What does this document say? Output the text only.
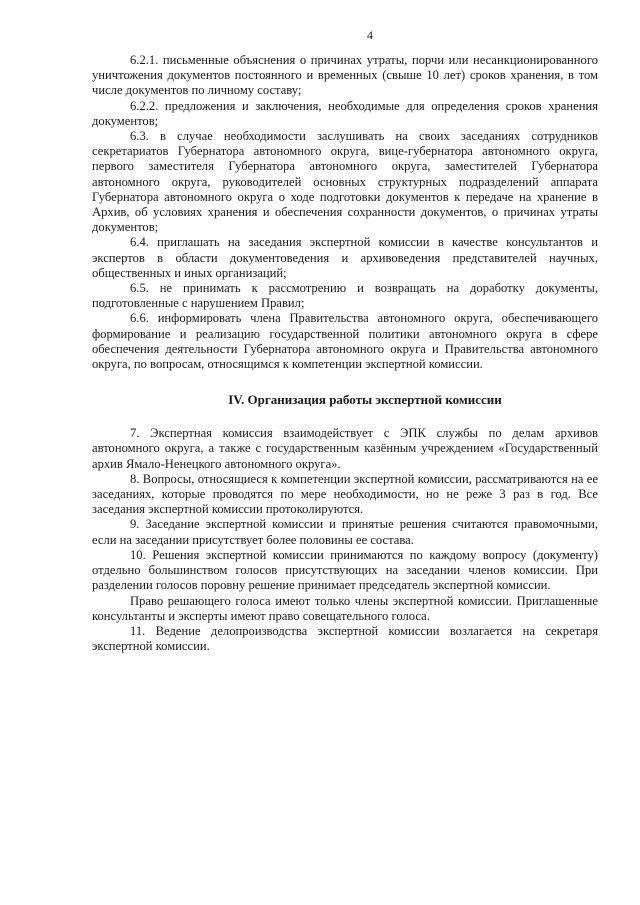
4

6.2.1. письменные объяснения о причинах утраты, порчи или несанкционированного уничтожения документов постоянного и временных (свыше 10 лет) сроков хранения, в том числе документов по личному составу;

6.2.2. предложения и заключения, необходимые для определения сроков хранения документов;

6.3. в случае необходимости заслушивать на своих заседаниях сотрудников секретариатов Губернатора автономного округа, вице-губернатора автономного округа, первого заместителя Губернатора автономного округа, заместителей Губернатора автономного округа, руководителей основных структурных подразделений аппарата Губернатора автономного округа о ходе подготовки документов к передаче на хранение в Архив, об условиях хранения и обеспечения сохранности документов, о причинах утраты документов;

6.4. приглашать на заседания экспертной комиссии в качестве консультантов и экспертов в области документоведения и архивоведения представителей научных, общественных и иных организаций;

6.5. не принимать к рассмотрению и возвращать на доработку документы, подготовленные с нарушением Правил;

6.6. информировать члена Правительства автономного округа, обеспечивающего формирование и реализацию государственной политики автономного округа в сфере обеспечения деятельности Губернатора автономного округа и Правительства автономного округа, по вопросам, относящимся к компетенции экспертной комиссии.

IV. Организация работы экспертной комиссии

7. Экспертная комиссия взаимодействует с ЭПК службы по делам архивов автономного округа, а также с государственным казённым учреждением «Государственный архив Ямало-Ненецкого автономного округа».

8. Вопросы, относящиеся к компетенции экспертной комиссии, рассматриваются на ее заседаниях, которые проводятся по мере необходимости, но не реже 3 раз в год. Все заседания экспертной комиссии протоколируются.

9. Заседание экспертной комиссии и принятые решения считаются правомочными, если на заседании присутствует более половины ее состава.

10. Решения экспертной комиссии принимаются по каждому вопросу (документу) отдельно большинством голосов присутствующих на заседании членов комиссии. При разделении голосов поровну решение принимает председатель экспертной комиссии.

Право решающего голоса имеют только члены экспертной комиссии. Приглашенные консультанты и эксперты имеют право совещательного голоса.

11. Ведение делопроизводства экспертной комиссии возлагается на секретаря экспертной комиссии.
